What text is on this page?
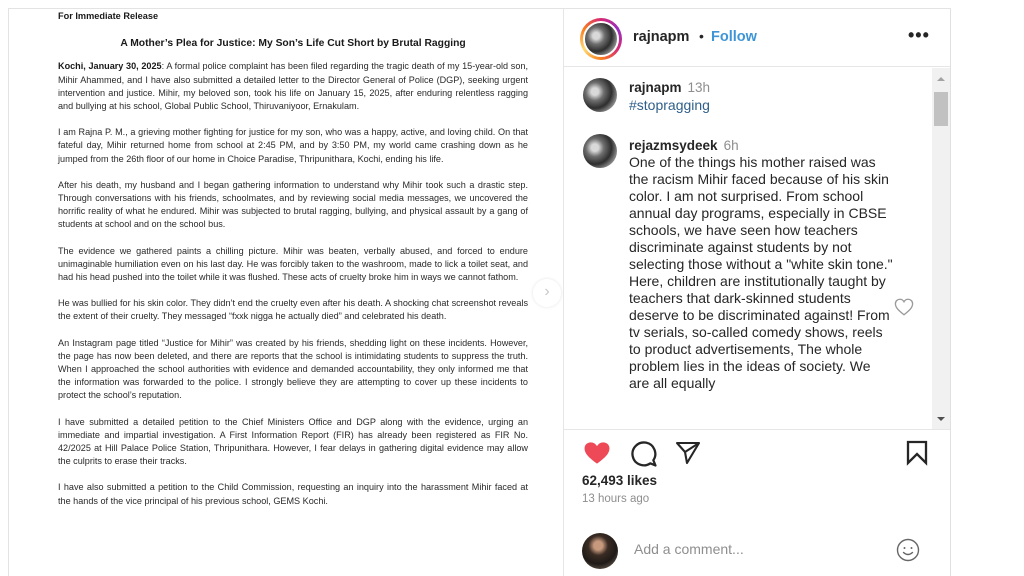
For Immediate Release
A Mother’s Plea for Justice: My Son’s Life Cut Short by Brutal Ragging

Kochi, January 30, 2025: A formal police complaint has been filed regarding the tragic death of my 15-year-old son, Mihir Ahammed, and I have also submitted a detailed letter to the Director General of Police (DGP), seeking urgent intervention and justice. Mihir, my beloved son, took his life on January 15, 2025, after enduring relentless ragging and bullying at his school, Global Public School, Thiruvaniyoor, Ernakulam.

I am Rajna P. M., a grieving mother fighting for justice for my son, who was a happy, active, and loving child. On that fateful day, Mihir returned home from school at 2:45 PM, and by 3:50 PM, my world came crashing down as he jumped from the 26th floor of our home in Choice Paradise, Thripunithara, Kochi, ending his life.

After his death, my husband and I began gathering information to understand why Mihir took such a drastic step. Through conversations with his friends, schoolmates, and by reviewing social media messages, we uncovered the horrific reality of what he endured. Mihir was subjected to brutal ragging, bullying, and physical assault by a gang of students at school and on the school bus.

The evidence we gathered paints a chilling picture. Mihir was beaten, verbally abused, and forced to endure unimaginable humiliation even on his last day. He was forcibly taken to the washroom, made to lick a toilet seat, and had his head pushed into the toilet while it was flushed. These acts of cruelty broke him in ways we cannot fathom.

He was bullied for his skin color. They didn’t end the cruelty even after his death. A shocking chat screenshot reveals the extent of their cruelty. They messaged “fxxk nigga he actually died” and celebrated his death.

An Instagram page titled “Justice for Mihir” was created by his friends, shedding light on these incidents. However, the page has now been deleted, and there are reports that the school is intimidating students to suppress the truth. When I approached the school authorities with evidence and demanded accountability, they only informed me that the information was forwarded to the police. I strongly believe they are attempting to cover up these incidents to protect the school’s reputation.

I have submitted a detailed petition to the Chief Ministers Office and DGP along with the evidence, urging an immediate and impartial investigation. A First Information Report (FIR) has already been registered as FIR No. 42/2025 at Hill Palace Police Station, Thripunithara. However, I fear delays in gathering digital evidence may allow the culprits to erase their tracks.

I have also submitted a petition to the Child Commission, requesting an inquiry into the harassment Mihir faced at the hands of the vice principal of his previous school, GEMS Kochi.

›
rajnapm • Follow	•••
rajnapm 13h
#stopragging
rejazmsydeek 6h
One of the things his mother raised was the racism Mihir faced because of his skin color. I am not surprised. From school annual day programs, especially in CBSE schools, we have seen how teachers discriminate against students by not selecting those without a "white skin tone." Here, children are institutionally taught by teachers that dark-skinned students deserve to be discriminated against! From tv serials, so-called comedy shows, reels to product advertisements, The whole problem lies in the ideas of society. We are all equally
62,493 likes
13 hours ago
Add a comment...
